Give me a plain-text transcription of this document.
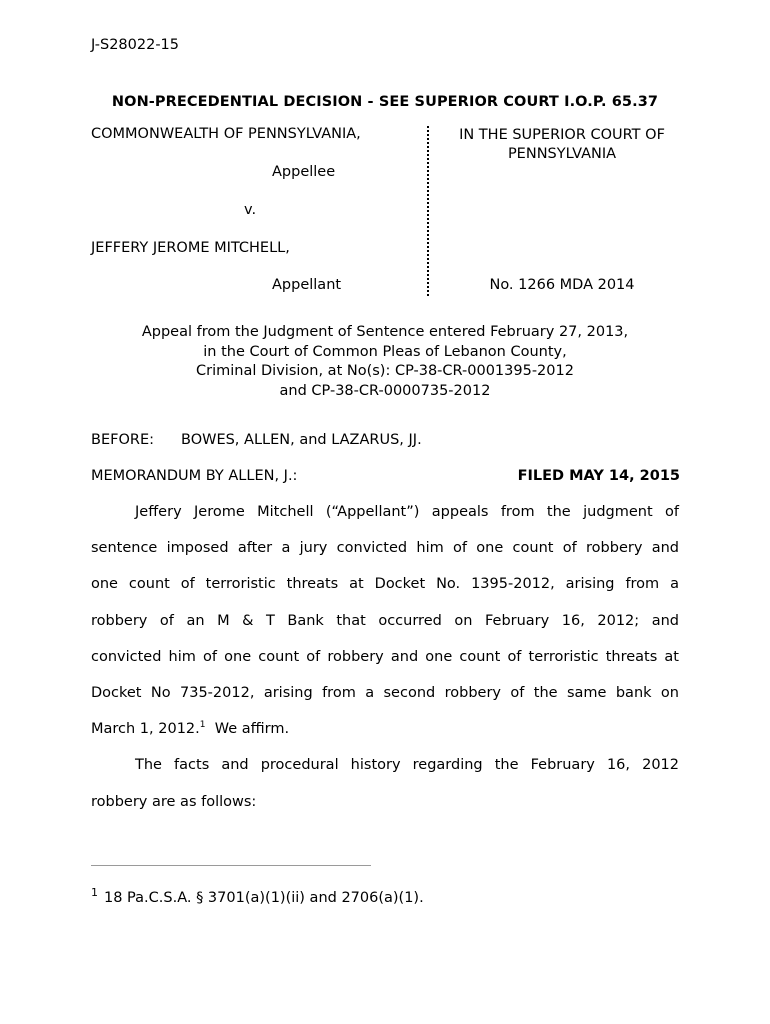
J-S28022-15
NON-PRECEDENTIAL DECISION - SEE SUPERIOR COURT I.O.P. 65.37
COMMONWEALTH OF PENNSYLVANIA,
Appellee
v.
JEFFERY JEROME MITCHELL,
Appellant
IN THE SUPERIOR COURT OF
PENNSYLVANIA
No. 1266 MDA 2014
Appeal from the Judgment of Sentence entered February 27, 2013,
in the Court of Common Pleas of Lebanon County,
Criminal Division, at No(s): CP-38-CR-0001395-2012
and CP-38-CR-0000735-2012
BEFORE: BOWES, ALLEN, and LAZARUS, JJ.
MEMORANDUM BY ALLEN, J.:	FILED MAY 14, 2015
Jeffery Jerome Mitchell (“Appellant”) appeals from the judgment of
sentence imposed after a jury convicted him of one count of robbery and
one count of terroristic threats at Docket No. 1395-2012, arising from a
robbery of an M & T Bank that occurred on February 16, 2012; and
convicted him of one count of robbery and one count of terroristic threats at
Docket No 735-2012, arising from a second robbery of the same bank on
March 1, 2012.$^1$  We affirm.
The facts and procedural history regarding the February 16, 2012
robbery are as follows:
$^1$ 18 Pa.C.S.A. § 3701(a)(1)(ii) and 2706(a)(1).
